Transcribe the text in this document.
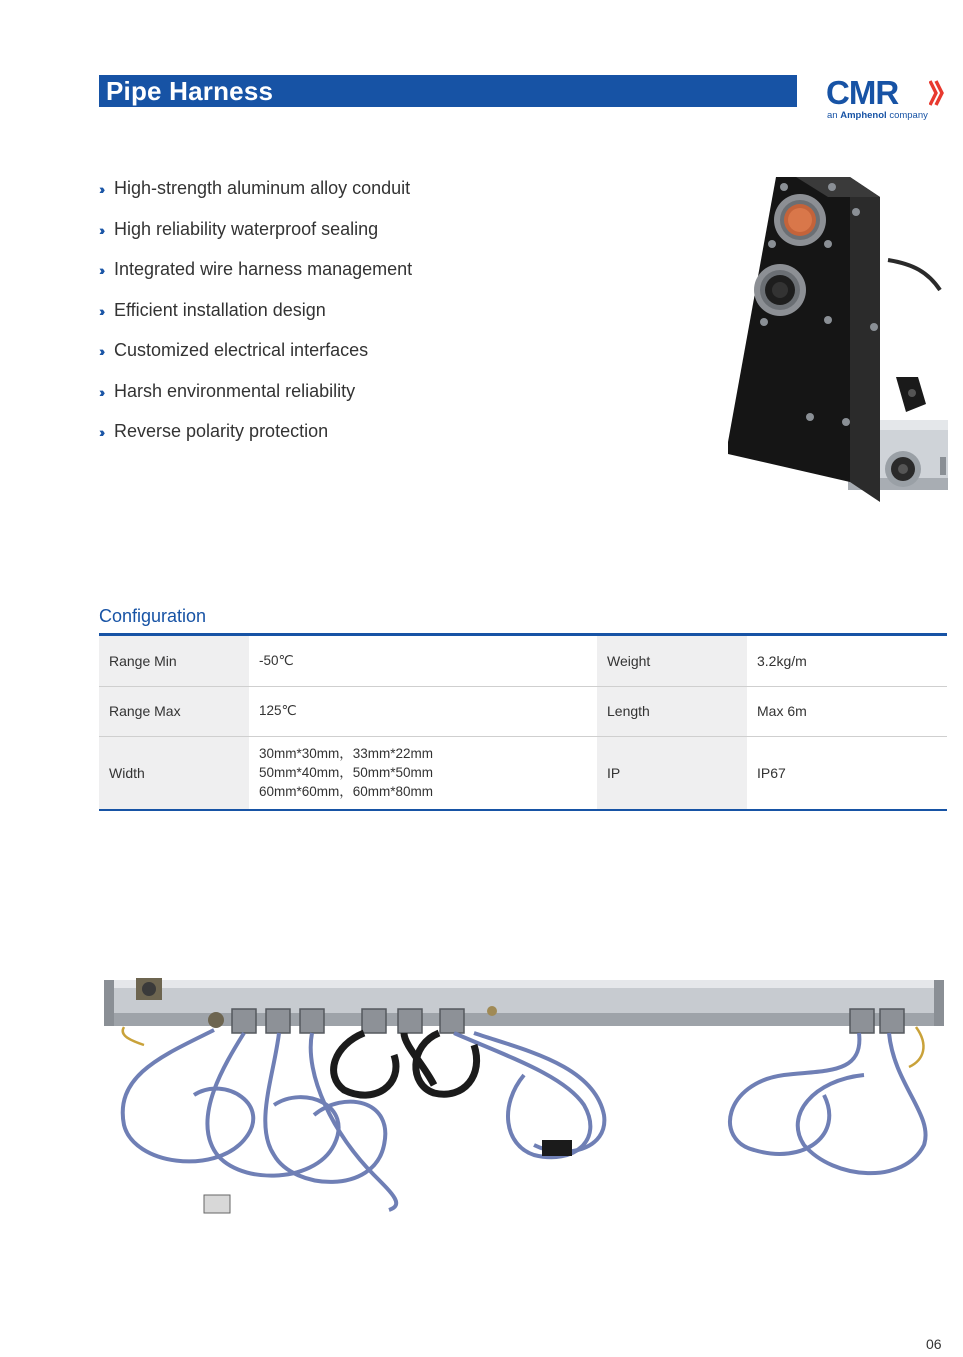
Pipe Harness	CMR
an Amphenol company
›› High-strength aluminum alloy conduit
›› High reliability waterproof sealing
›› Integrated wire harness management
›› Efficient installation design
›› Customized electrical interfaces
›› Harsh environmental reliability
›› Reverse polarity protection
Configuration
Range Min	-50℃	Weight	3.2kg/m
Range Max	125℃	Length	Max 6m
Width	30mm*30mm，33mm*22mm
50mm*40mm，50mm*50mm
60mm*60mm，60mm*80mm	IP	IP67
06
